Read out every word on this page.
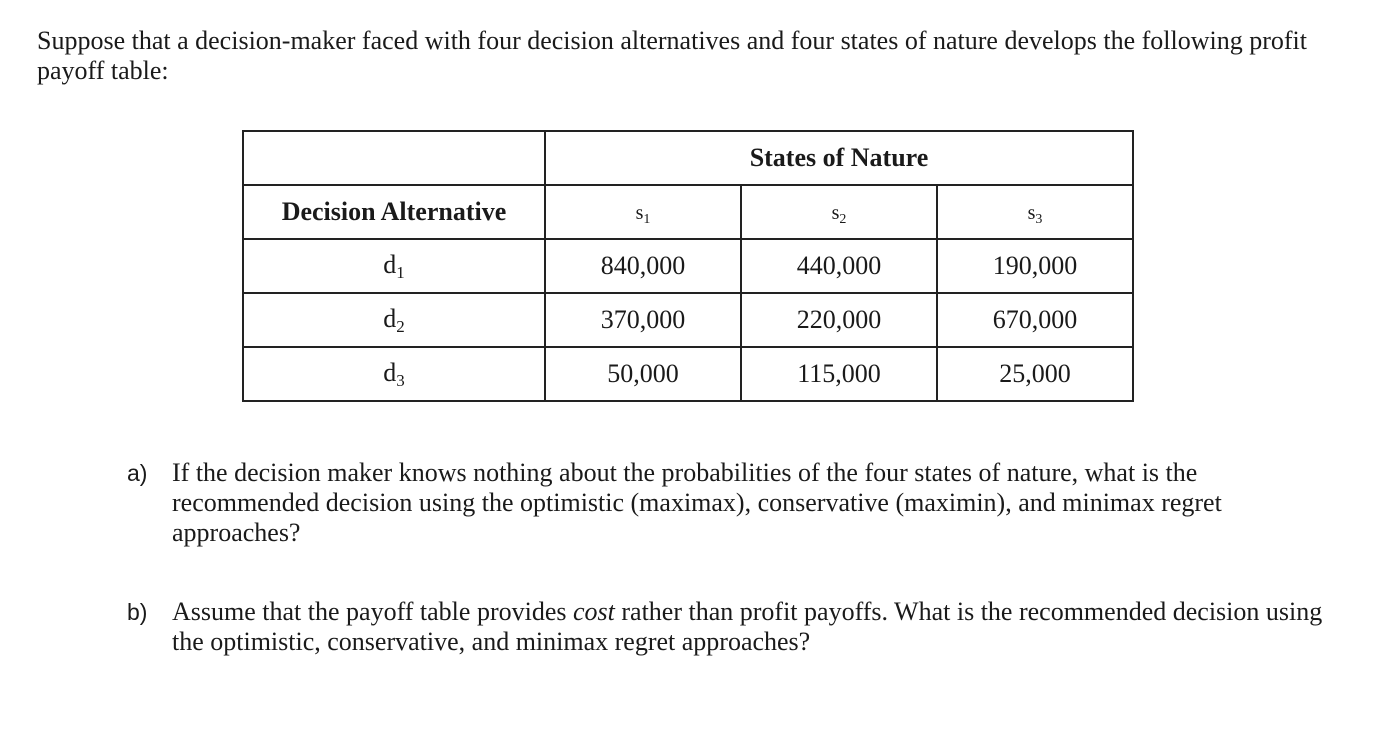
Suppose that a decision-maker faced with four decision alternatives and four states of nature develops the following profit payoff table:
	States of Nature		
Decision Alternative	s1	s2	s3
$d_1$	840,000	440,000	190,000
$d_2$	370,000	220,000	670,000
$d_3$	50,000	115,000	25,000
a) If the decision maker knows nothing about the probabilities of the four states of nature, what is the recommended decision using the optimistic (maximax), conservative (maximin), and minimax regret approaches?
b) Assume that the payoff table provides cost rather than profit payoffs. What is the recommended decision using the optimistic, conservative, and minimax regret approaches?
